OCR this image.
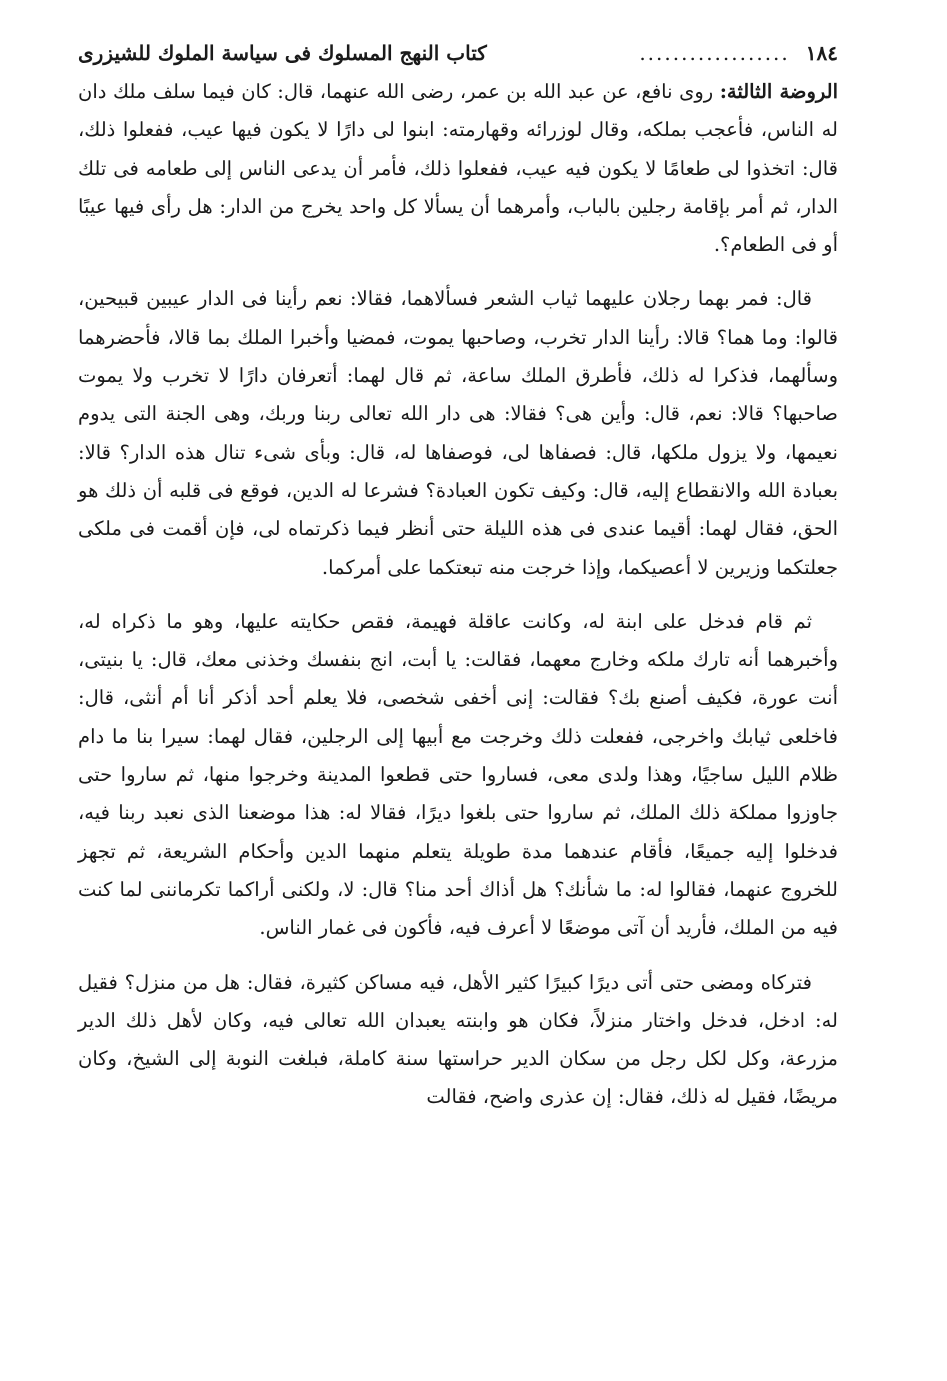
١٨٤
..................
كتاب النهج المسلوك فى سياسة الملوك للشيزرى

الروضة الثالثة: روى نافع، عن عبد الله بن عمر، رضى الله عنهما، قال: كان فيما سلف ملك دان له الناس، فأعجب بملكه، وقال لوزرائه وقهارمته: ابنوا لى دارًا لا يكون فيها عيب، ففعلوا ذلك، قال: اتخذوا لى طعامًا لا يكون فيه عيب، ففعلوا ذلك، فأمر أن يدعى الناس إلى طعامه فى تلك الدار، ثم أمر بإقامة رجلين بالباب، وأمرهما أن يسألا كل واحد يخرج من الدار: هل رأى فيها عيبًا أو فى الطعام؟.

قال: فمر بهما رجلان عليهما ثياب الشعر فسألاهما، فقالا: نعم رأينا فى الدار عيبين قبيحين، قالوا: وما هما؟ قالا: رأينا الدار تخرب، وصاحبها يموت، فمضيا وأخبرا الملك بما قالا، فأحضرهما وسألهما، فذكرا له ذلك، فأطرق الملك ساعة، ثم قال لهما: أتعرفان دارًا لا تخرب ولا يموت صاحبها؟ قالا: نعم، قال: وأين هى؟ فقالا: هى دار الله تعالى ربنا وربك، وهى الجنة التى يدوم نعيمها، ولا يزول ملكها، قال: فصفاها لى، فوصفاها له، قال: وبأى شىء تنال هذه الدار؟ قالا: بعبادة الله والانقطاع إليه، قال: وكيف تكون العبادة؟ فشرعا له الدين، فوقع فى قلبه أن ذلك هو الحق، فقال لهما: أقيما عندى فى هذه الليلة حتى أنظر فيما ذكرتماه لى، فإن أقمت فى ملكى جعلتكما وزيرين لا أعصيكما، وإذا خرجت منه تبعتكما على أمركما.

ثم قام فدخل على ابنة له، وكانت عاقلة فهيمة، فقص حكايته عليها، وهو ما ذكراه له، وأخبرهما أنه تارك ملكه وخارج معهما، فقالت: يا أبت، انج بنفسك وخذنى معك، قال: يا بنيتى، أنت عورة، فكيف أصنع بك؟ فقالت: إنى أخفى شخصى، فلا يعلم أحد أذكر أنا أم أنثى، قال: فاخلعى ثيابك واخرجى، ففعلت ذلك وخرجت مع أبيها إلى الرجلين، فقال لهما: سيرا بنا ما دام ظلام الليل ساجيًا، وهذا ولدى معى، فساروا حتى قطعوا المدينة وخرجوا منها، ثم ساروا حتى جاوزوا مملكة ذلك الملك، ثم ساروا حتى بلغوا ديرًا، فقالا له: هذا موضعنا الذى نعبد ربنا فيه، فدخلوا إليه جميعًا، فأقام عندهما مدة طويلة يتعلم منهما الدين وأحكام الشريعة، ثم تجهز للخروج عنهما، فقالوا له: ما شأنك؟ هل أذاك أحد منا؟ قال: لا، ولكنى أراكما تكرماننى لما كنت فيه من الملك، فأريد أن آتى موضعًا لا أعرف فيه، فأكون فى غمار الناس.

فتركاه ومضى حتى أتى ديرًا كبيرًا كثير الأهل، فيه مساكن كثيرة، فقال: هل من منزل؟ فقيل له: ادخل، فدخل واختار منزلاً، فكان هو وابنته يعبدان الله تعالى فيه، وكان لأهل ذلك الدير مزرعة، وكل لكل رجل من سكان الدير حراستها سنة كاملة، فبلغت النوبة إلى الشيخ، وكان مريضًا، فقيل له ذلك، فقال: إن عذرى واضح، فقالت
